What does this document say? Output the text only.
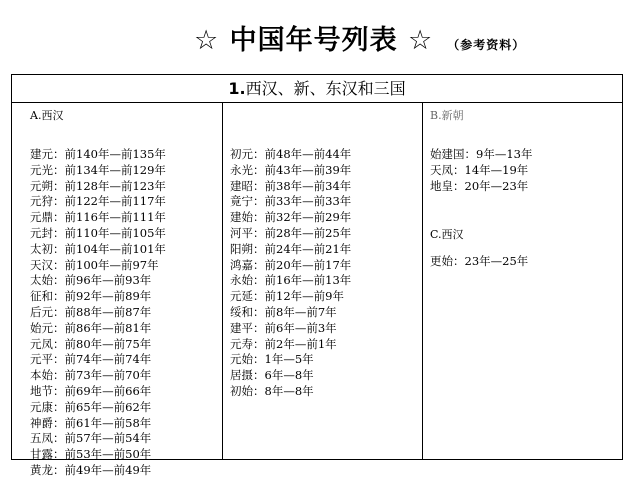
☆ 中国年号列表 ☆ （参考资料）
1.西汉、新、东汉和三国
A.西汉
建元：前140年—前135年
元光：前134年—前129年
元朔：前128年—前123年
元狩：前122年—前117年
元鼎：前116年—前111年
元封：前110年—前105年
太初：前104年—前101年
天汉：前100年—前97年
太始：前96年—前93年
征和：前92年—前89年
后元：前88年—前87年
始元：前86年—前81年
元凤：前80年—前75年
元平：前74年—前74年
本始：前73年—前70年
地节：前69年—前66年
元康：前65年—前62年
神爵：前61年—前58年
五凤：前57年—前54年
甘露：前53年—前50年
黄龙：前49年—前49年
初元：前48年—前44年
永光：前43年—前39年
建昭：前38年—前34年
竟宁：前33年—前33年
建始：前32年—前29年
河平：前28年—前25年
阳朔：前24年—前21年
鸿嘉：前20年—前17年
永始：前16年—前13年
元延：前12年—前9年
绥和：前8年—前7年
建平：前6年—前3年
元寿：前2年—前1年
元始：1年—5年
居摄：6年—8年
初始：8年—8年
B.新朝
始建国：9年—13年
天凤：14年—19年
地皇：20年—23年
C.西汉
更始：23年—25年
